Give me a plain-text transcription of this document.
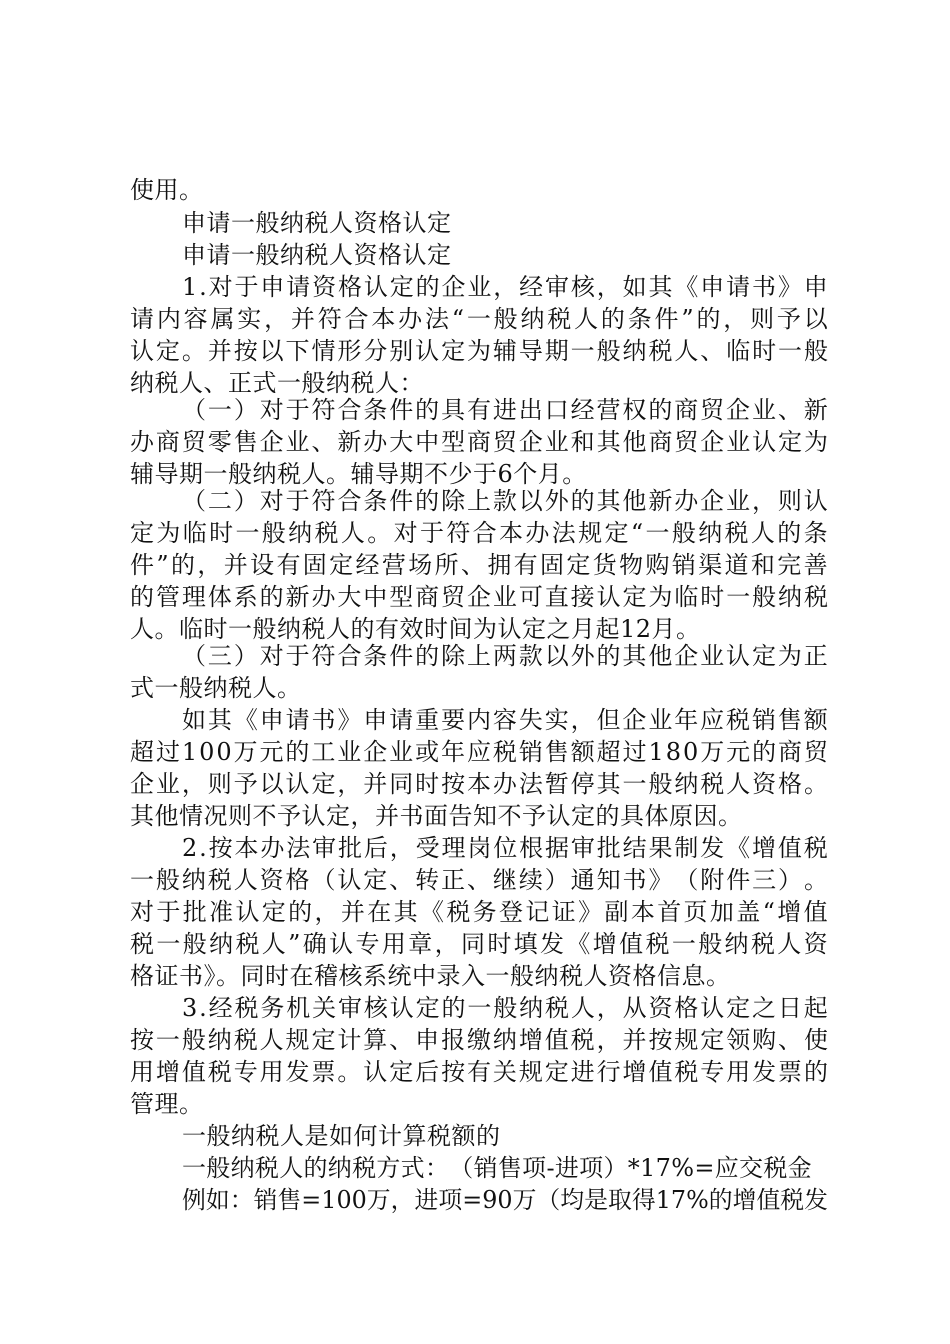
使用。
申请一般纳税人资格认定
申请一般纳税人资格认定
1 . 对 于 申 请 资 格 认 定 的 企 业 ， 经 审 核 ， 如 其 《 申 请 书 》 申
请 内 容 属 实 ， 并 符 合 本 办 法 “ 一 般 纳 税 人 的 条 件 ” 的 ， 则 予 以
认 定 。 并 按 以 下 情 形 分 别 认 定 为 辅 导 期 一 般 纳 税 人 、 临 时 一 般
纳税人、正式一般纳税人：
（ 一 ） 对 于 符 合 条 件 的 具 有 进 出 口 经 营 权 的 商 贸 企 业 、 新
办 商 贸 零 售 企 业 、 新 办 大 中 型 商 贸 企 业 和 其 他 商 贸 企 业 认 定 为
辅导期一般纳税人。辅导期不少于6个月。
（ 二 ） 对 于 符 合 条 件 的 除 上 款 以 外 的 其 他 新 办 企 业 ， 则 认
定 为 临 时 一 般 纳 税 人 。 对 于 符 合 本 办 法 规 定 “ 一 般 纳 税 人 的 条
件 ” 的 ， 并 设 有 固 定 经 营 场 所 、 拥 有 固 定 货 物 购 销 渠 道 和 完 善
的 管 理 体 系 的 新 办 大 中 型 商 贸 企 业 可 直 接 认 定 为 临 时 一 般 纳 税
人。临时一般纳税人的有效时间为认定之月起12月。
（ 三 ） 对 于 符 合 条 件 的 除 上 两 款 以 外 的 其 他 企 业 认 定 为 正
式一般纳税人。
如 其 《 申 请 书 》 申 请 重 要 内 容 失 实 ， 但 企 业 年 应 税 销 售 额
超 过 1 0 0 万 元 的 工 业 企 业 或 年 应 税 销 售 额 超 过 1 8 0 万 元 的 商 贸
企 业 ， 则 予 以 认 定 ， 并 同 时 按 本 办 法 暂 停 其 一 般 纳 税 人 资 格 。
其他情况则不予认定，并书面告知不予认定的具体原因。
2 . 按 本 办 法 审 批 后 ， 受 理 岗 位 根 据 审 批 结 果 制 发 《 增 值 税
一 般 纳 税 人 资 格 （ 认 定 、 转 正 、 继 续 ） 通 知 书 》 （ 附 件 三 ） 。
对 于 批 准 认 定 的 ， 并 在 其 《 税 务 登 记 证 》 副 本 首 页 加 盖 “ 增 值
税 一 般 纳 税 人 ” 确 认 专 用 章 ， 同 时 填 发 《 增 值 税 一 般 纳 税 人 资
格证书》。同时在稽核系统中录入一般纳税人资格信息。
3 . 经 税 务 机 关 审 核 认 定 的 一 般 纳 税 人 ， 从 资 格 认 定 之 日 起
按 一 般 纳 税 人 规 定 计 算 、 申 报 缴 纳 增 值 税 ， 并 按 规 定 领 购 、 使
用 增 值 税 专 用 发 票 。 认 定 后 按 有 关 规 定 进 行 增 值 税 专 用 发 票 的
管理。
一般纳税人是如何计算税额的
一 般 纳 税 人 的 纳 税 方 式 ： （ 销 售 项 - 进 项 ） * 1 7 % = 应 交 税 金
例 如 ： 销 售 = 1 0 0 万 ， 进 项 = 9 0 万 （ 均 是 取 得 1 7 % 的 增 值 税 发
